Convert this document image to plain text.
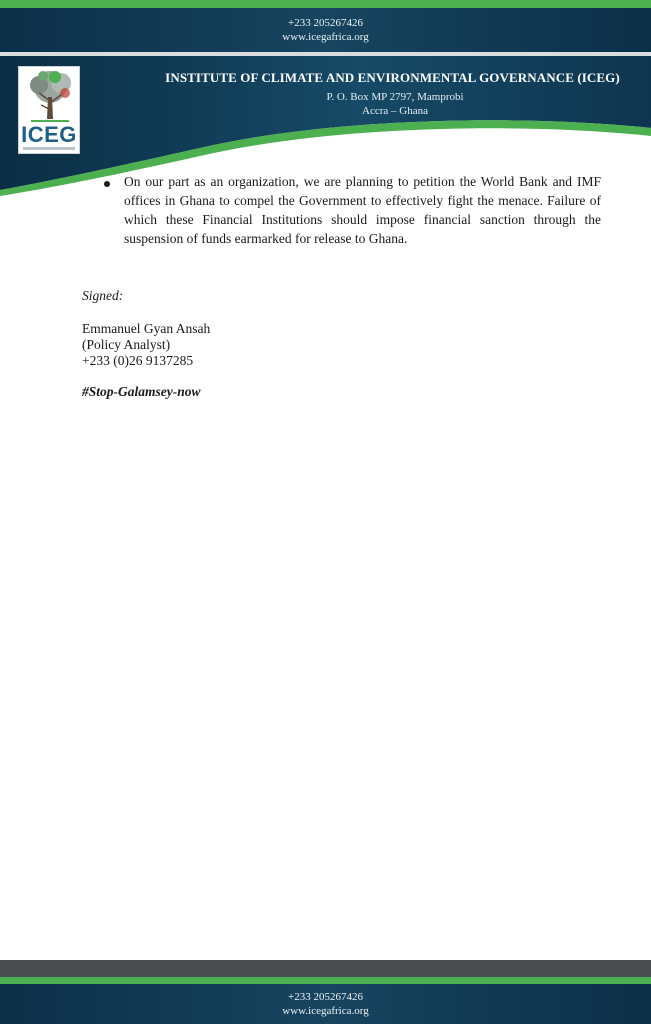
+233 205267426
www.icegafrica.org
ICEG
INSTITUTE OF CLIMATE AND ENVIRONMENTAL GOVERNANCE (ICEG)
P. O. Box MP 2797, Mamprobi
Accra – Ghana
On our part as an organization, we are planning to petition the World Bank and IMF offices in Ghana to compel the Government to effectively fight the menace. Failure of which these Financial Institutions should impose financial sanction through the suspension of funds earmarked for release to Ghana.
Signed:
Emmanuel Gyan Ansah
(Policy Analyst)
+233 (0)26 9137285
#Stop-Galamsey-now
+233 205267426
www.icegafrica.org
